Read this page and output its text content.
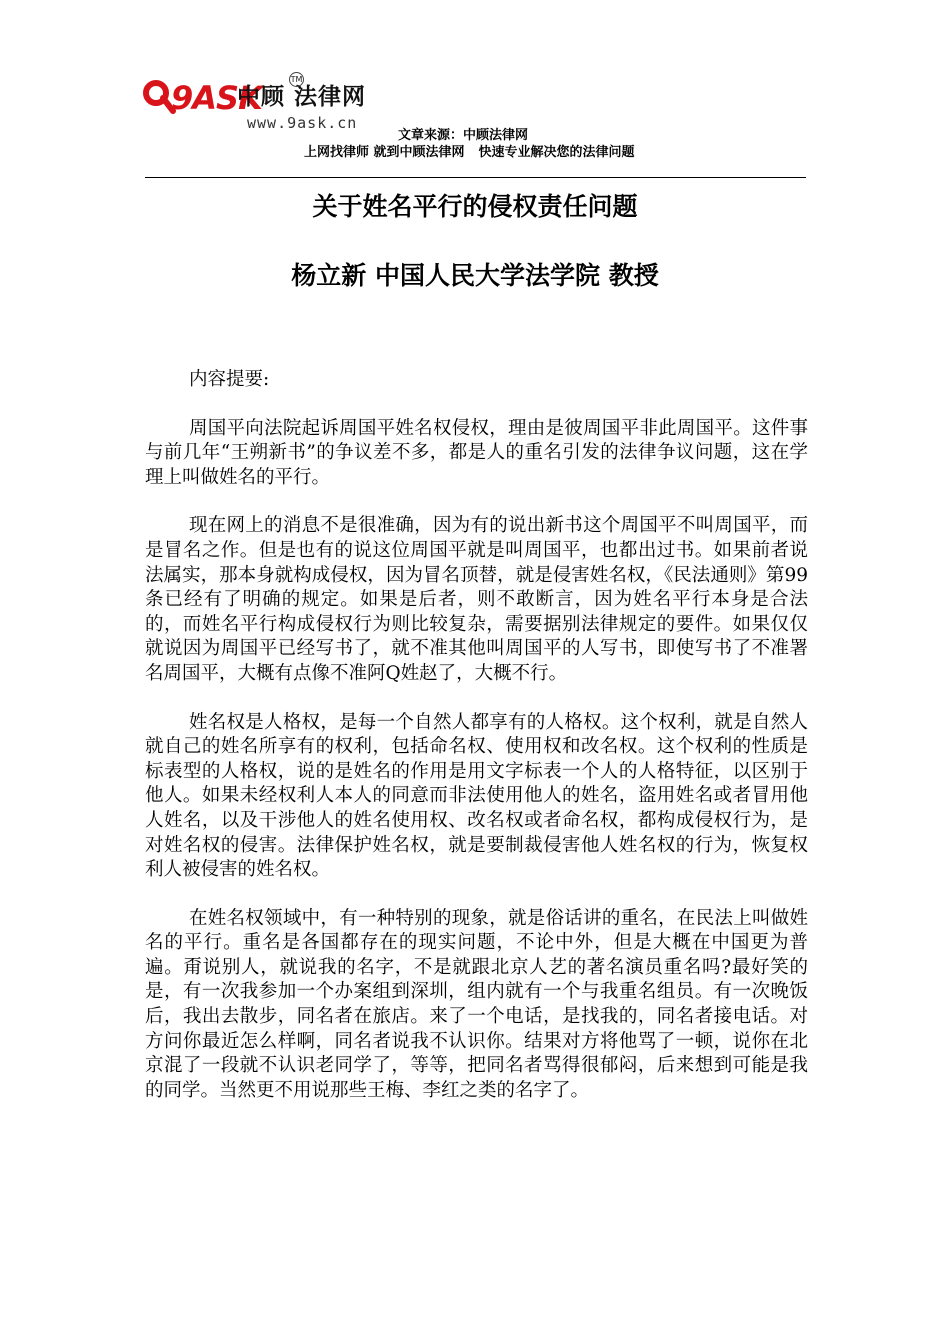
9ASK
中顾 法律网
TM
www.9ask.cn
文章来源：中顾法律网
上网找律师 就到中顾法律网 快速专业解决您的法律问题
关于姓名平行的侵权责任问题
杨立新 中国人民大学法学院 教授

内容提要:

周国平向法院起诉周国平姓名权侵权，理由是彼周国平非此周国平。这件事与前几年“王朔新书”的争议差不多，都是人的重名引发的法律争议问题，这在学理上叫做姓名的平行。

现在网上的消息不是很准确，因为有的说出新书这个周国平不叫周国平，而是冒名之作。但是也有的说这位周国平就是叫周国平，也都出过书。如果前者说法属实，那本身就构成侵权，因为冒名顶替，就是侵害姓名权，《民法通则》第99条已经有了明确的规定。如果是后者，则不敢断言，因为姓名平行本身是合法的，而姓名平行构成侵权行为则比较复杂，需要据别法律规定的要件。如果仅仅就说因为周国平已经写书了，就不准其他叫周国平的人写书，即使写书了不准署名周国平，大概有点像不准阿Q姓赵了，大概不行。

姓名权是人格权，是每一个自然人都享有的人格权。这个权利，就是自然人就自己的姓名所享有的权利，包括命名权、使用权和改名权。这个权利的性质是标表型的人格权，说的是姓名的作用是用文字标表一个人的人格特征，以区别于他人。如果未经权利人本人的同意而非法使用他人的姓名，盗用姓名或者冒用他人姓名，以及干涉他人的姓名使用权、改名权或者命名权，都构成侵权行为，是对姓名权的侵害。法律保护姓名权，就是要制裁侵害他人姓名权的行为，恢复权利人被侵害的姓名权。

在姓名权领域中，有一种特别的现象，就是俗话讲的重名，在民法上叫做姓名的平行。重名是各国都存在的现实问题，不论中外，但是大概在中国更为普遍。甭说别人，就说我的名字，不是就跟北京人艺的著名演员重名吗?最好笑的是，有一次我参加一个办案组到深圳，组内就有一个与我重名组员。有一次晚饭后，我出去散步，同名者在旅店。来了一个电话，是找我的，同名者接电话。对方问你最近怎么样啊，同名者说我不认识你。结果对方将他骂了一顿，说你在北京混了一段就不认识老同学了，等等，把同名者骂得很郁闷，后来想到可能是我的同学。当然更不用说那些王梅、李红之类的名字了。
